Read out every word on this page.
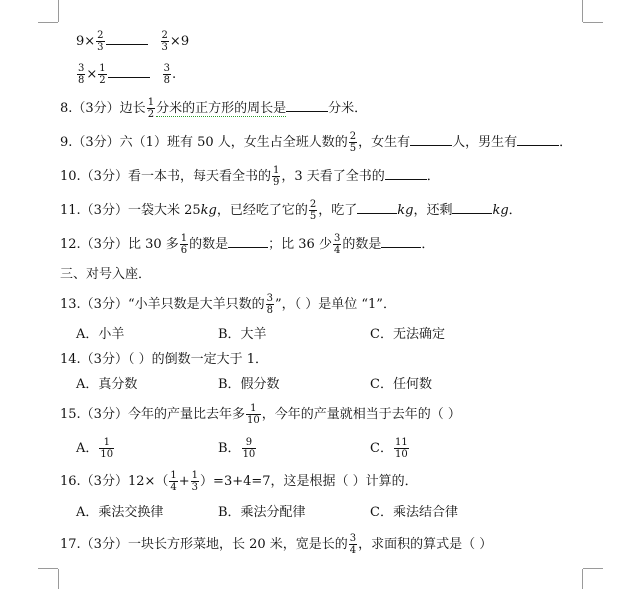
$9\times \frac{2}{3}$	$\frac{2}{3} \times 9$
$\frac{3}{8} \times \frac{1}{2}$	$\frac{3}{8}$ .
8.（3分）边长 $\frac{1}{2}$ 分米的正方形的周长是	分米．
9.（3分）六（1）班有 50 人，女生占全班人数的 $\frac{2}{5}$ ，女生有	人，男生有	．
10.（3分）看一本书，每天看全书的 $\frac{1}{9}$ ，3 天看了全书的	．
11.（3分）一袋大米 25kg，已经吃了它的 $\frac{2}{5}$ ，吃了	kg，还剩	kg．
12.（3分）比 30 多 $\frac{1}{6}$ 的数是	；比 36 少 $\frac{3}{4}$ 的数是	．
三、对号入座．
13.（3分）“小羊只数是大羊只数的 $\frac{3}{8}$ ”，（ ）是单位 “1”．
A．小羊	B．大羊	C．无法确定
14.（3分）（ ）的倒数一定大于 1．
A．真分数	B．假分数	C．任何数
15.（3分）今年的产量比去年多 $\frac{1}{10}$ ，今年的产量就相当于去年的（ ）
A． $\frac{1}{10}$	B． $\frac{9}{10}$	C． $\frac{11}{10}$
16.（3分）$12\times( \frac{1}{4} + \frac{1}{3} )=3+4=7$，这是根据（ ）计算的．
A．乘法交换律	B．乘法分配律	C．乘法结合律
17.（3分）一块长方形菜地，长 20 米，宽是长的 $\frac{3}{4}$ ，求面积的算式是（ ）
